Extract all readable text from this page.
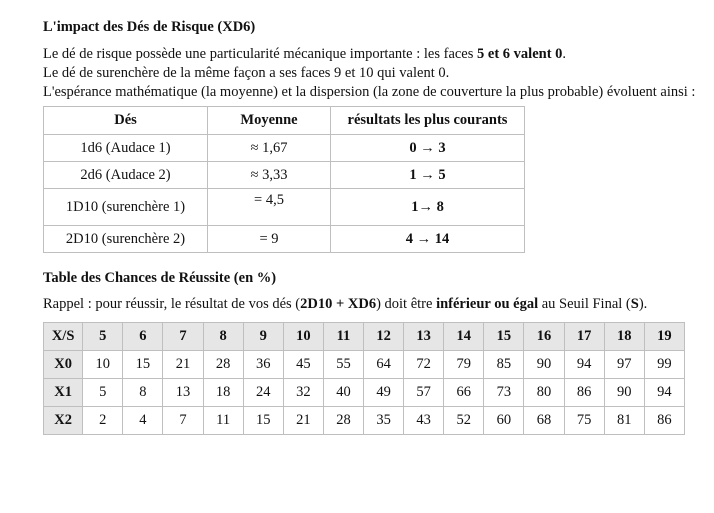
L'impact des Dés de Risque (XD6)

Le dé de risque possède une particularité mécanique importante : les faces 5 et 6 valent 0.
Le dé de surenchère de la même façon a ses faces 9 et 10 qui valent 0.
L'espérance mathématique (la moyenne) et la dispersion (la zone de couverture la plus probable) évoluent ainsi :

Dés	Moyenne	résultats les plus courants
1d6 (Audace 1)	≈ 1,67	0 → 3
2d6 (Audace 2)	≈ 3,33	1 → 5
1D10 (surenchère 1)	= 4,5	1→ 8
2D10 (surenchère 2)	= 9	4 → 14
Table des Chances de Réussite (en %)

Rappel : pour réussir, le résultat de vos dés (2D10 + XD6) doit être inférieur ou égal au Seuil Final (S).

X/S	5	6	7	8	9	10	11	12	13	14	15	16	17	18	19
X0	10	15	21	28	36	45	55	64	72	79	85	90	94	97	99
X1	5	8	13	18	24	32	40	49	57	66	73	80	86	90	94
X2	2	4	7	11	15	21	28	35	43	52	60	68	75	81	86
